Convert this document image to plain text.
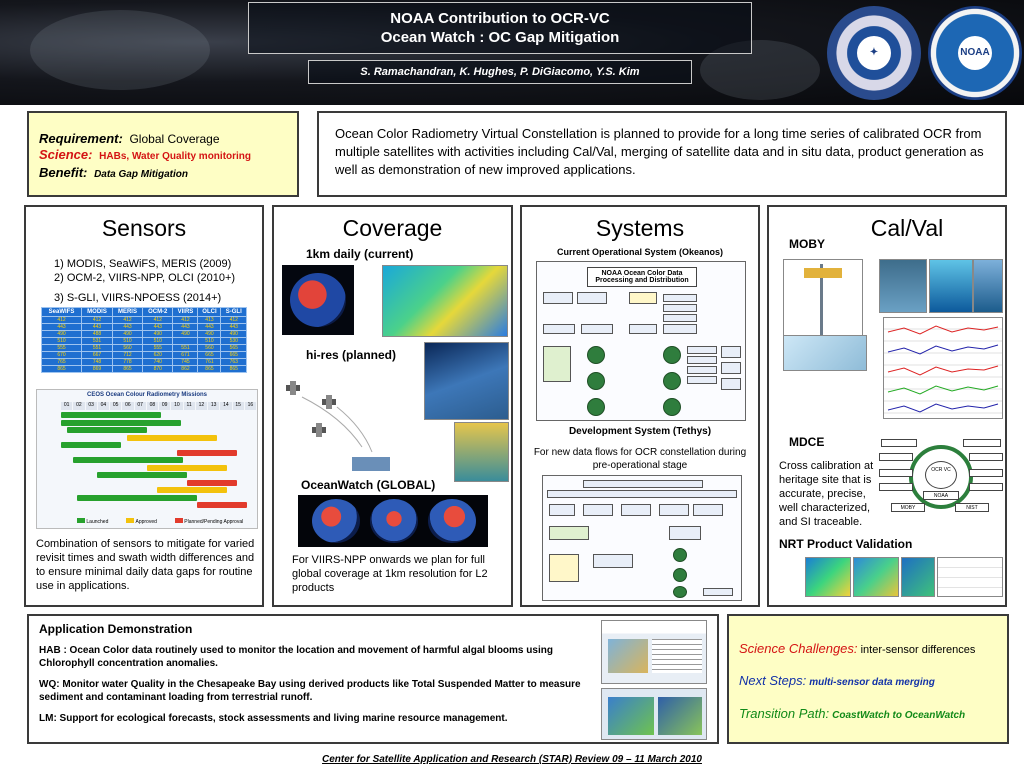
NOAA Contribution to OCR-VC
Ocean Watch : OC Gap Mitigation
S. Ramachandran, K. Hughes, P. DiGiacomo, Y.S. Kim
✦	NOAA
Requirement: Global Coverage
Science: HABs, Water Quality monitoring
Benefit: Data Gap Mitigation
Ocean Color Radiometry Virtual Constellation is planned to provide for a long time series of calibrated OCR from multiple satellites with activities including Cal/Val, merging of satellite data and in situ data, product generation as well as demonstration of new improved applications.
Sensors
1) MODIS, SeaWiFS, MERIS (2009)
2) OCM-2, VIIRS-NPP, OLCI (2010+)
3) S-GLI, VIIRS-NPOESS (2014+)
SeaWIFS	MODIS	MERIS	OCM-2	VIIRS	OLCI	S-GLI
412	412	412	412	412	413	412
443	443	443	443	443	443	443
490	488	490	490	490	490	490
510	531	510	510		510	530
555	551	560	555	551	560	565
670	667	712	620	671	665	665
765	748	778	740	745	761	763
865	869	865	870	862	865	865
CEOS Ocean Colour Radiometry Missions
01	02	03	04	05	06	07	08	09	10	11	12	13	14	15	16
Launched	Approved	Planned/Pending Approval
Combination of sensors to mitigate for varied revisit times and swath width differences and to ensure minimal daily data gaps for routine use in applications.
Coverage
1km daily (current)
hi-res (planned)
OceanWatch (GLOBAL)
For VIIRS-NPP onwards we plan for full global coverage at 1km resolution for L2 products
Systems
Current Operational System (Okeanos)
NOAA Ocean Color Data Processing and Distribution
Development System (Tethys)
For new data flows for OCR constellation during pre-operational stage
Cal/Val
MOBY
MDCE
Cross calibration at heritage site that is accurate, precise, well characterized, and SI traceable.
OCR VC
NOAA
MOBY	NIST
NRT Product Validation
Application Demonstration

HAB : Ocean Color data routinely used to monitor the location and movement of harmful algal blooms using Chlorophyll concentration anomalies.

WQ: Monitor water Quality in the Chesapeake Bay using derived products like Total Suspended Matter to measure sediment and contaminant loading from terrestrial runoff.

LM: Support for ecological forecasts, stock assessments and living marine resource management.

Science Challenges: inter-sensor differences
Next Steps: multi-sensor data merging
Transition Path: CoastWatch to OceanWatch
Center for Satellite Application and Research (STAR) Review 09 – 11 March 2010
